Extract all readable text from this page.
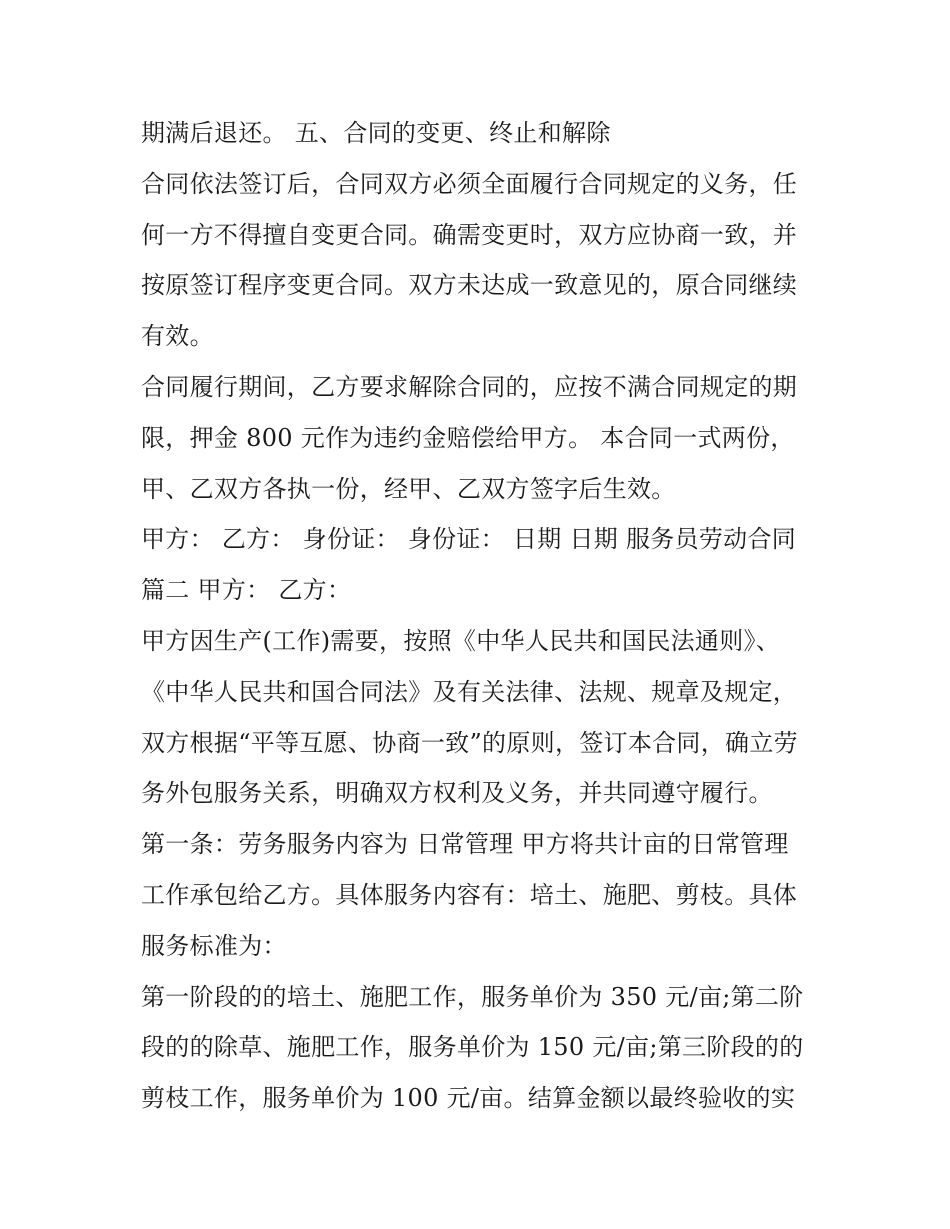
期满后退还。 五、合同的变更、终止和解除
合同依法签订后，合同双方必须全面履行合同规定的义务，任
何一方不得擅自变更合同。确需变更时，双方应协商一致，并
按原签订程序变更合同。双方未达成一致意见的，原合同继续
有效。
合同履行期间，乙方要求解除合同的，应按不满合同规定的期
限，押金 800 元作为违约金赔偿给甲方。 本合同一式两份，
甲、乙双方各执一份，经甲、乙双方签字后生效。
甲方： 乙方： 身份证： 身份证： 日期 日期 服务员劳动合同
篇二 甲方： 乙方：
甲方因生产(工作)需要，按照《中华人民共和国民法通则》、
《中华人民共和国合同法》及有关法律、法规、规章及规定，
双方根据“平等互愿、协商一致”的原则，签订本合同，确立劳
务外包服务关系，明确双方权利及义务，并共同遵守履行。
第一条：劳务服务内容为 日常管理 甲方将共计亩的日常管理
工作承包给乙方。具体服务内容有：培土、施肥、剪枝。具体
服务标准为：
第一阶段的的培土、施肥工作，服务单价为 350 元/亩;第二阶
段的的除草、施肥工作，服务单价为 150 元/亩;第三阶段的的
剪枝工作，服务单价为 100 元/亩。结算金额以最终验收的实
